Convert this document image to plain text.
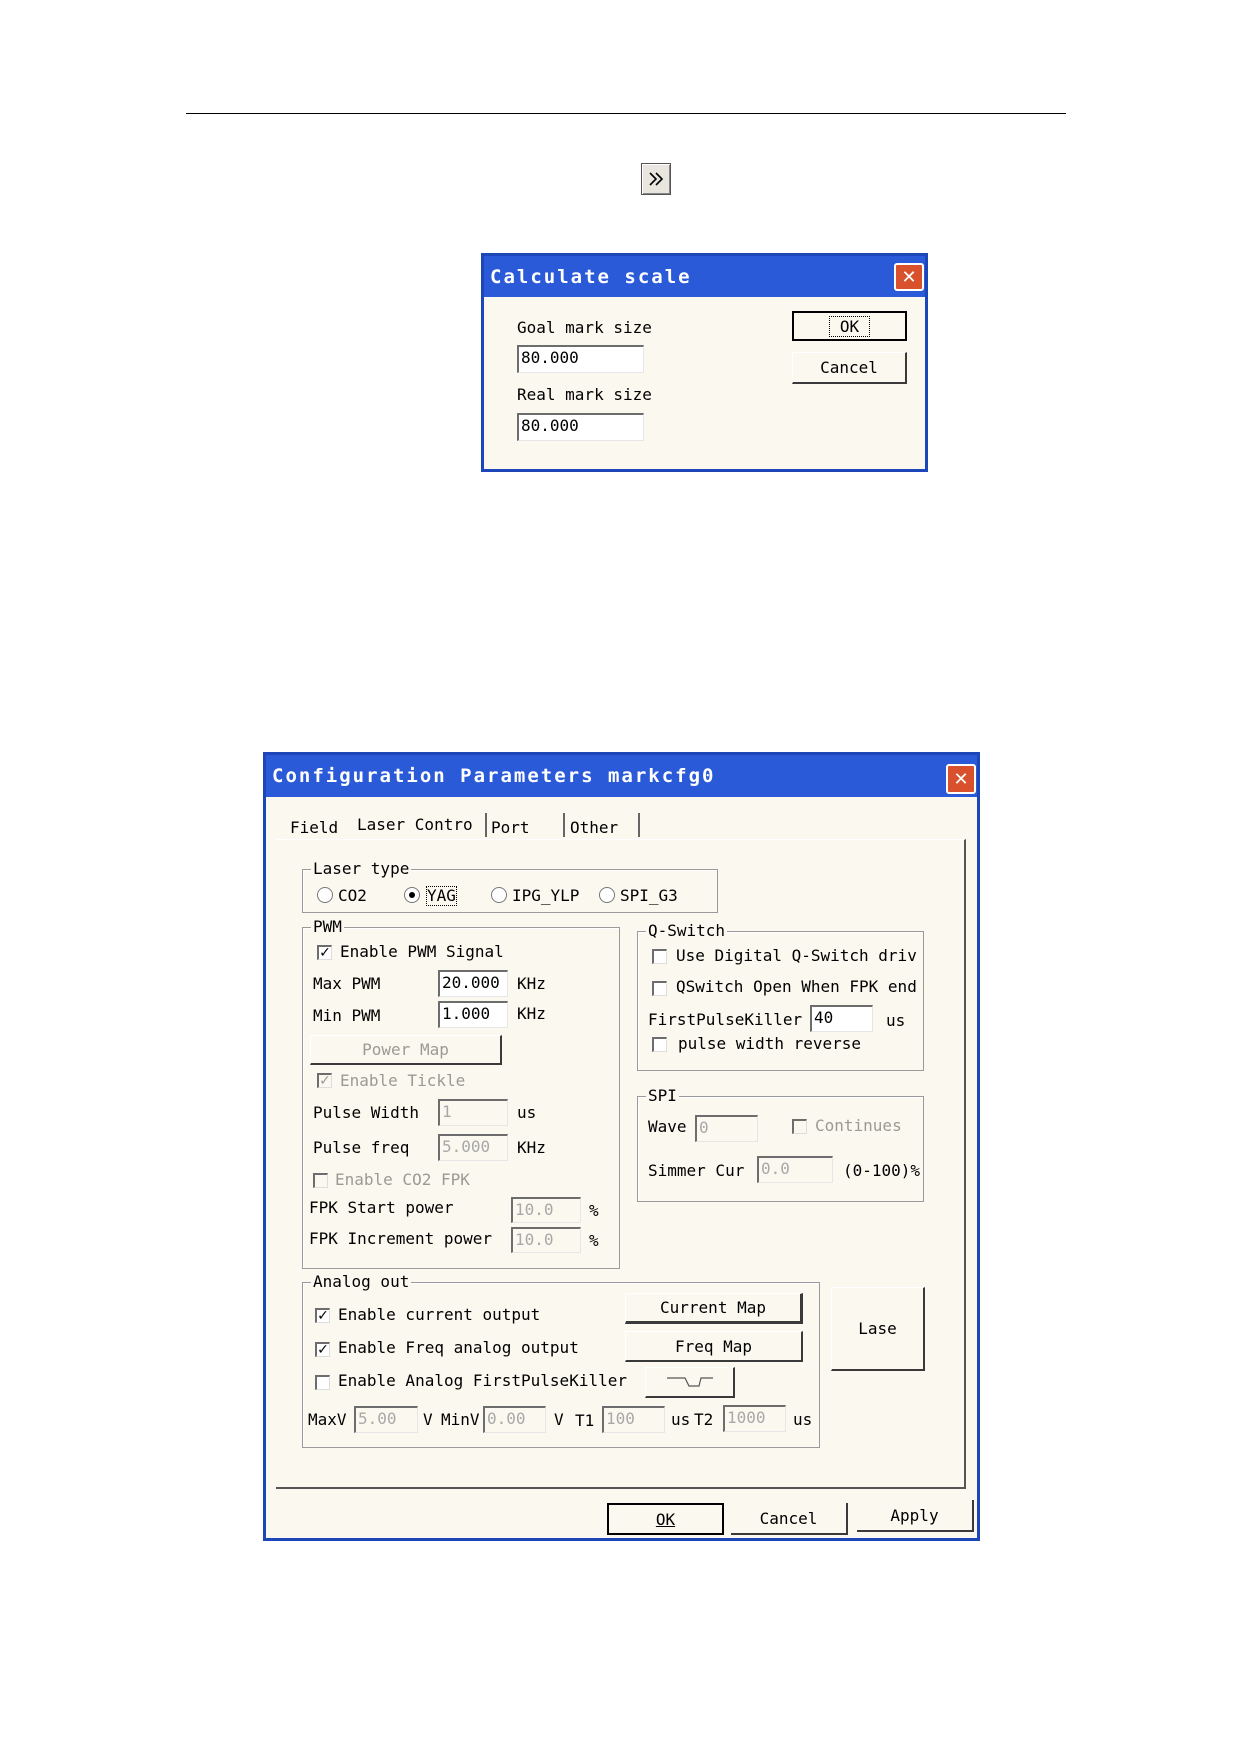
Calculate scale	✕
Goal mark size
80.000
Real mark size
80.000
OK
Cancel
Configuration Parameters markcfg0	✕
Field Laser Contro Port	Other
Laser type
CO2	YAG	IPG_YLP	SPI_G3
PWM
✓ Enable PWM Signal
Max PWM	20.000	KHz
Min PWM	1.000	KHz
Power Map
✓ Enable Tickle
Pulse Width 1	us
Pulse freq 5.000	KHz
Enable CO2 FPK
FPK Start power	10.0	%
FPK Increment power 10.0	%
Q-Switch
Use Digital Q-Switch driv
QSwitch Open When FPK end
FirstPulseKiller 40	us
pulse width reverse
SPI
Wave 0	Continues
Simmer Cur 0.0	(0-100)%
Analog out
✓ Enable current output	Current Map
✓ Enable Freq analog output	Freq Map
Enable Analog FirstPulseKiller
MaxV 5.00	V MinV 0.00	V T1 100	us T2 1000	us
Lase
OK	Cancel	Apply
